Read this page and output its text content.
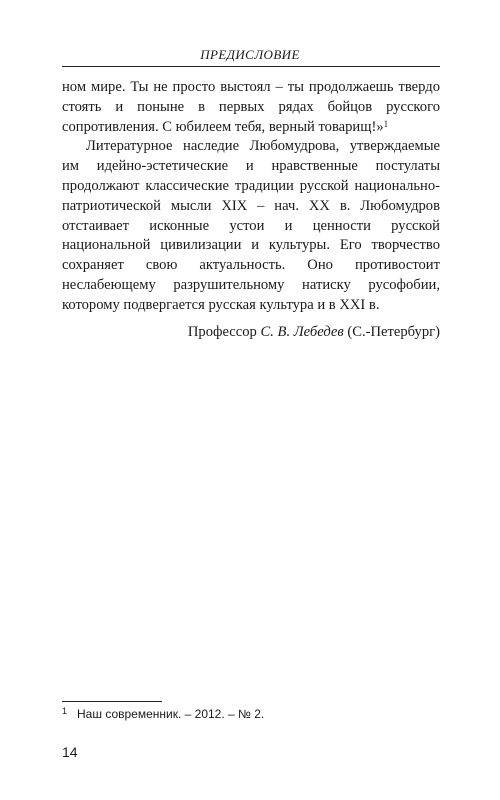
ПРЕДИСЛОВИЕ

ном мире. Ты не просто выстоял – ты продолжаешь твердо стоять и поныне в первых рядах бойцов русского сопротивления. С юбилеем тебя, верный товарищ!»$^1$

Литературное наследие Любомудрова, утверждаемые им идейно-эстетические и нравственные постулаты продолжают классические традиции русской национально-патриотической мысли XIX – нач. XX в. Любомудров отстаивает исконные устои и ценности русской национальной цивилизации и культуры. Его творчество сохраняет свою актуальность. Оно противостоит неслабеющему разрушительному натиску русофобии, которому подвергается русская культура и в XXI в.

Профессор С. В. Лебедев (С.-Петербург)
$^1$ Наш современник. – 2012. – № 2.
14
